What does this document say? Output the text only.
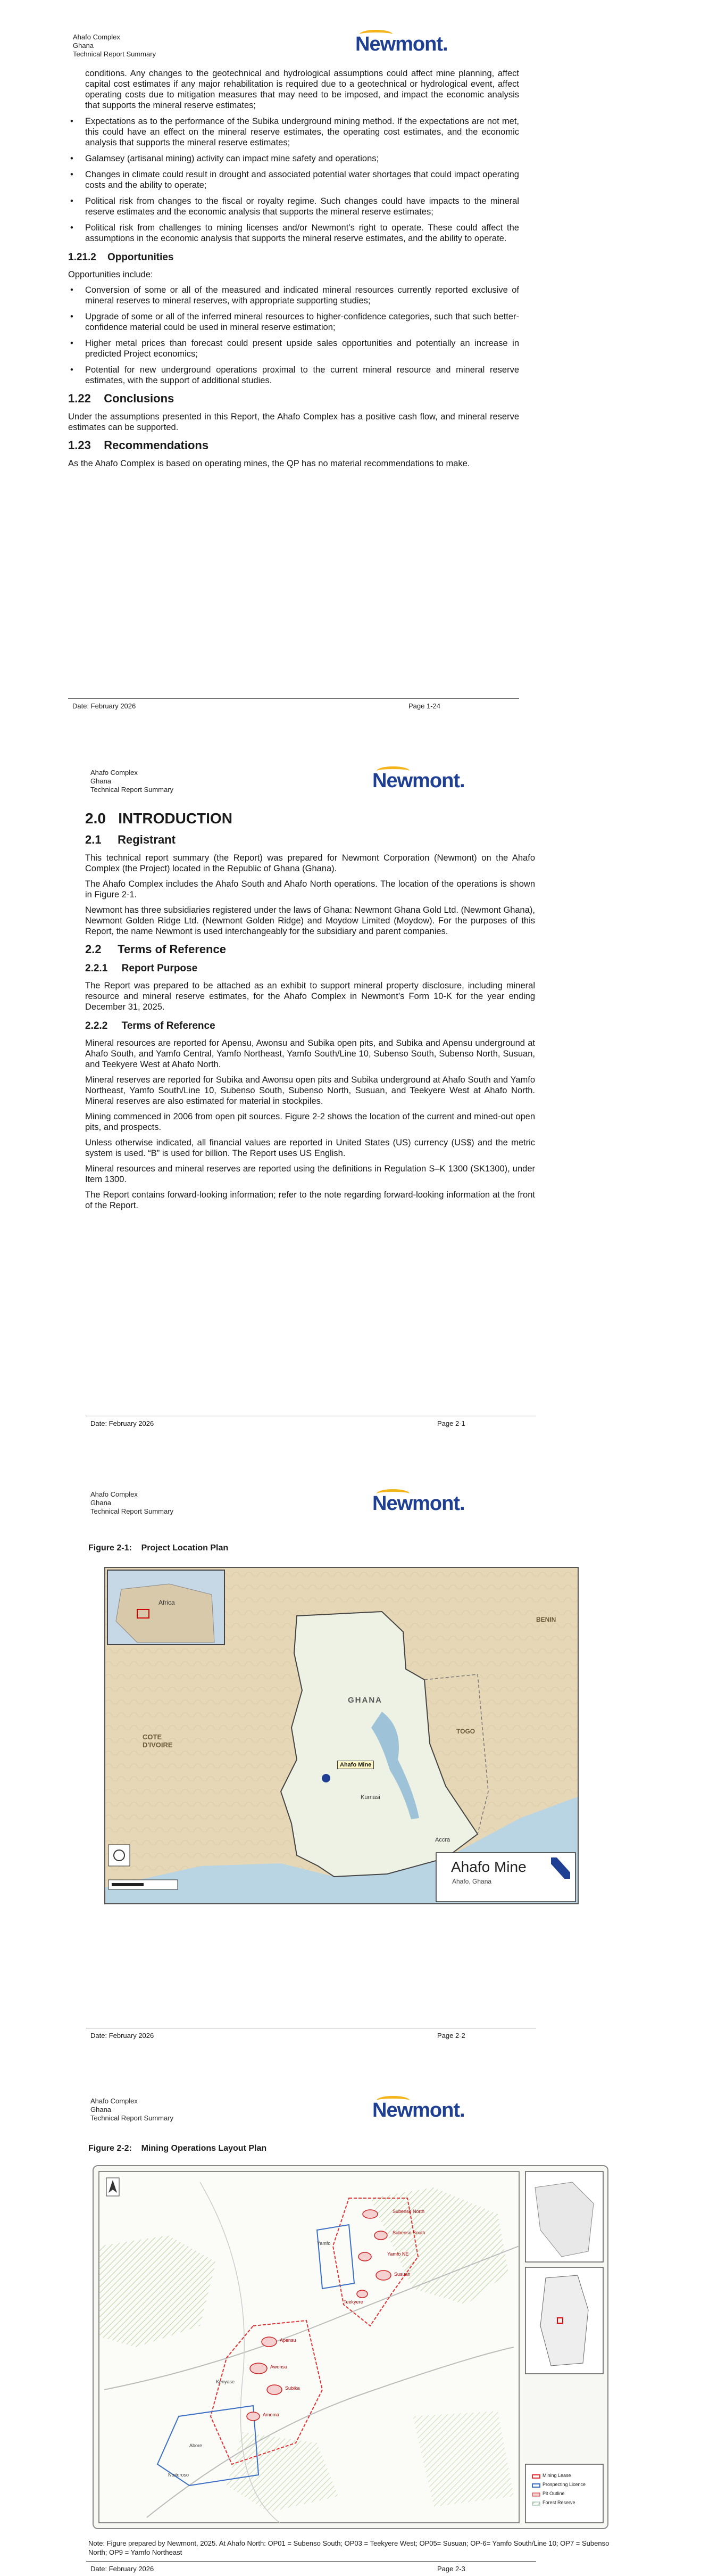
Ahafo Complex
Ghana
Technical Report Summary	Newmont.
conditions. Any changes to the geotechnical and hydrological assumptions could affect mine planning, affect capital cost estimates if any major rehabilitation is required due to a geotechnical or hydrological event, affect operating costs due to mitigation measures that may need to be imposed, and impact the economic analysis that supports the mineral reserve estimates;
• Expectations as to the performance of the Subika underground mining method. If the expectations are not met, this could have an effect on the mineral reserve estimates, the operating cost estimates, and the economic analysis that supports the mineral reserve estimates;
• Galamsey (artisanal mining) activity can impact mine safety and operations;
• Changes in climate could result in drought and associated potential water shortages that could impact operating costs and the ability to operate;
• Political risk from changes to the fiscal or royalty regime. Such changes could have impacts to the mineral reserve estimates and the economic analysis that supports the mineral reserve estimates;
• Political risk from challenges to mining licenses and/or Newmont’s right to operate. These could affect the assumptions in the economic analysis that supports the mineral reserve estimates, and the ability to operate.
1.21.2    Opportunities

Opportunities include:

• Conversion of some or all of the measured and indicated mineral resources currently reported exclusive of mineral reserves to mineral reserves, with appropriate supporting studies;
• Upgrade of some or all of the inferred mineral resources to higher-confidence categories, such that such better-confidence material could be used in mineral reserve estimation;
• Higher metal prices than forecast could present upside sales opportunities and potentially an increase in predicted Project economics;
• Potential for new underground operations proximal to the current mineral resource and mineral reserve estimates, with the support of additional studies.
1.22    Conclusions

Under the assumptions presented in this Report, the Ahafo Complex has a positive cash flow, and mineral reserve estimates can be supported.

1.23    Recommendations

As the Ahafo Complex is based on operating mines, the QP has no material recommendations to make.

Date: February 2026	Page 1-24
Ahafo Complex
Ghana
Technical Report Summary	Newmont.
2.0   INTRODUCTION
2.1     Registrant

This technical report summary (the Report) was prepared for Newmont Corporation (Newmont) on the Ahafo Complex (the Project) located in the Republic of Ghana (Ghana).

The Ahafo Complex includes the Ahafo South and Ahafo North operations. The location of the operations is shown in Figure 2-1.

Newmont has three subsidiaries registered under the laws of Ghana: Newmont Ghana Gold Ltd. (Newmont Ghana), Newmont Golden Ridge Ltd. (Newmont Golden Ridge) and Moydow Limited (Moydow). For the purposes of this Report, the name Newmont is used interchangeably for the subsidiary and parent companies.

2.2     Terms of Reference
2.2.1     Report Purpose

The Report was prepared to be attached as an exhibit to support mineral property disclosure, including mineral resource and mineral reserve estimates, for the Ahafo Complex in Newmont’s Form 10-K for the year ending December 31, 2025.

2.2.2     Terms of Reference

Mineral resources are reported for Apensu, Awonsu and Subika open pits, and Subika and Apensu underground at Ahafo South, and Yamfo Central, Yamfo Northeast, Yamfo South/Line 10, Subenso South, Subenso North, Susuan, and Teekyere West at Ahafo North.

Mineral reserves are reported for Subika and Awonsu open pits and Subika underground at Ahafo South and Yamfo Northeast, Yamfo South/Line 10, Subenso South, Subenso North, Susuan, and Teekyere West at Ahafo North. Mineral reserves are also estimated for material in stockpiles.

Mining commenced in 2006 from open pit sources. Figure 2-2 shows the location of the current and mined-out open pits, and prospects.

Unless otherwise indicated, all financial values are reported in United States (US) currency (US$) and the metric system is used. “B” is used for billion. The Report uses US English.

Mineral resources and mineral reserves are reported using the definitions in Regulation S–K 1300 (SK1300), under Item 1300.

The Report contains forward-looking information; refer to the note regarding forward-looking information at the front of the Report.

Date: February 2026	Page 2-1
Ahafo Complex
Ghana
Technical Report Summary	Newmont.
Figure 2-1:    Project Location Plan
Africa
GHANA
COTE
D'IVOIRE
TOGO
BENIN
Kumasi
Accra
Ahafo Mine
Ahafo Mine
Ahafo, Ghana
Date: February 2026	Page 2-2
Ahafo Complex
Ghana
Technical Report Summary	Newmont.
Figure 2-2:    Mining Operations Layout Plan
Subenso North
Subenso South
Yamfo NE
Susuan
Teekyere
Apensu
Awonsu
Subika
Amoma
Yamfo
Kenyase
Abore
Ntotoroso	Mining Lease
Prospecting Licence
Pit Outline
Forest Reserve
Note: Figure prepared by Newmont, 2025. At Ahafo North: OP01 = Subenso South; OP03 = Teekyere West; OP05= Susuan; OP-6= Yamfo South/Line 10; OP7 = Subenso North; OP9 = Yamfo Northeast
Date: February 2026	Page 2-3
